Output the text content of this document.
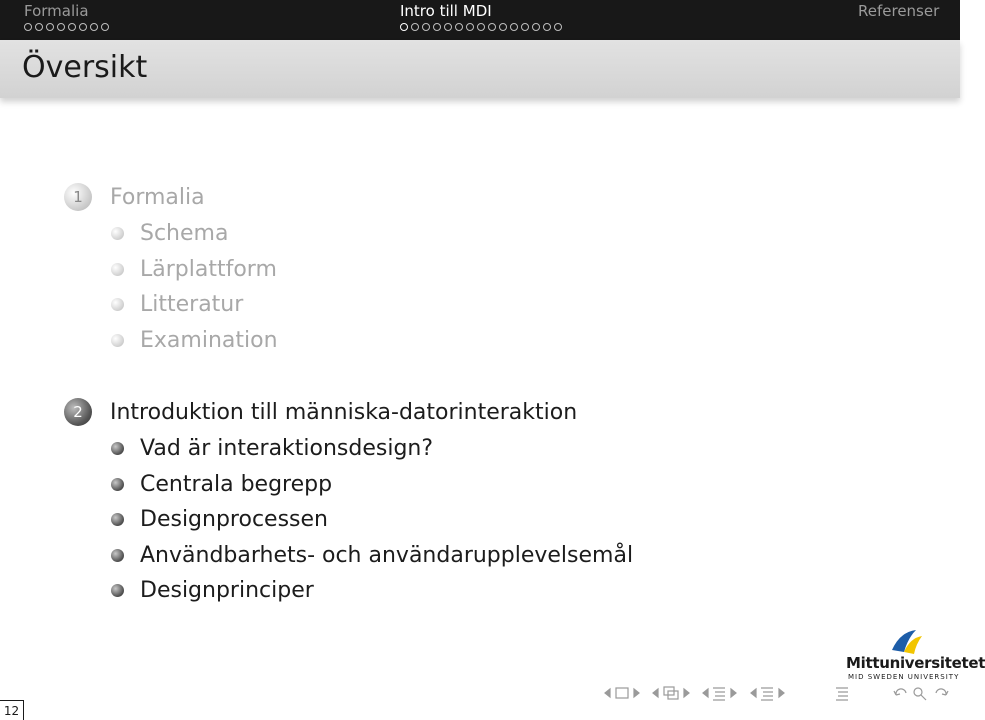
Formalia	Intro till MDI	Referenser
Översikt
1	Formalia
Schema
Lärplattform
Litteratur
Examination
2	Introduktion till människa-datorinteraktion
Vad är interaktionsdesign?
Centrala begrepp
Designprocessen
Användbarhets- och användarupplevelsemål
Designprinciper
Mittuniversitetet
MID SWEDEN UNIVERSITY
12
